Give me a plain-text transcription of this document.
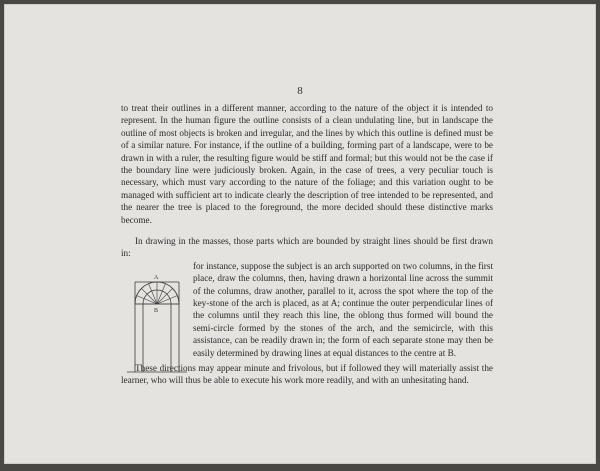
8

to treat their outlines in a different manner, according to the nature of the object it is intended to represent. In the human figure the outline consists of a clean undulating line, but in landscape the outline of most objects is broken and irregular, and the lines by which this outline is defined must be of a similar nature. For instance, if the outline of a building, forming part of a landscape, were to be drawn in with a ruler, the resulting figure would be stiff and formal; but this would not be the case if the boundary line were judiciously broken. Again, in the case of trees, a very peculiar touch is necessary, which must vary according to the nature of the foliage; and this variation ought to be managed with sufficient art to indicate clearly the description of tree intended to be represented, and the nearer the tree is placed to the foreground, the more decided should these distinctive marks become.

In drawing in the masses, those parts which are bounded by straight lines should be first drawn in:

A
B

for instance, suppose the subject is an arch supported on two columns, in the first place, draw the columns, then, having drawn a horizontal line across the summit of the columns, draw another, parallel to it, across the spot where the top of the key-stone of the arch is placed, as at A; continue the outer perpendicular lines of the columns until they reach this line, the oblong thus formed will bound the semi-circle formed by the stones of the arch, and the semicircle, with this assistance, can be readily drawn in; the form of each separate stone may then be easily determined by drawing lines at equal distances to the centre at B.

These directions may appear minute and frivolous, but if followed they will materially assist the learner, who will thus be able to execute his work more readily, and with an unhesitating hand.
